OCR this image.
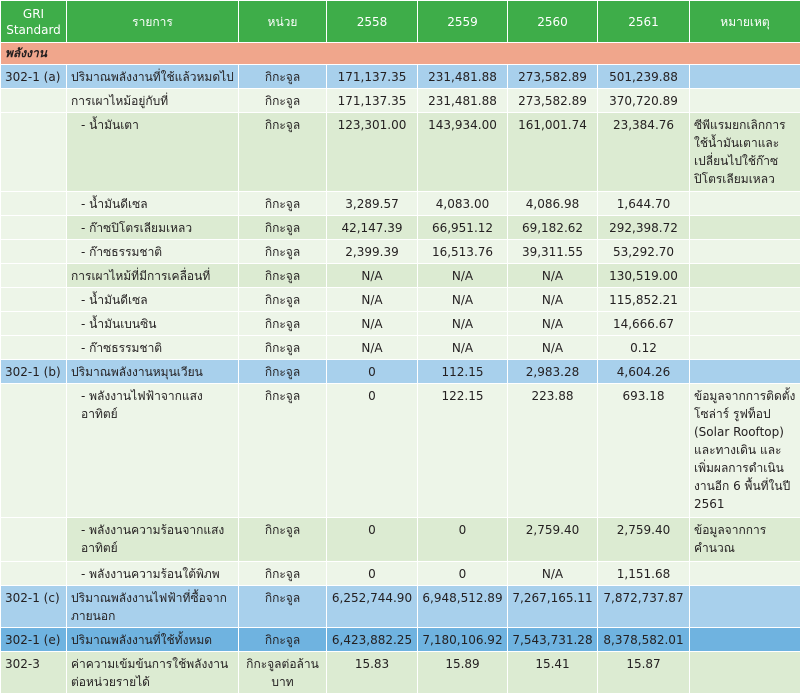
GRI Standard	รายการ	หน่วย	2558	2559	2560	2561	หมายเหตุ
พลังงาน							
302-1 (a)	ปริมาณพลังงานที่ใช้แล้วหมดไป	กิกะจูล	171,137.35	231,481.88	273,582.89	501,239.88	
	การเผาไหม้อยู่กับที่	กิกะจูล	171,137.35	231,481.88	273,582.89	370,720.89	
	- น้ำมันเตา	กิกะจูล	123,301.00	143,934.00	161,001.74	23,384.76	ซีพีแรมยกเลิกการใช้น้ำมันเตาและเปลี่ยนไปใช้ก๊าซปิโตรเลียมเหลว
	- น้ำมันดีเซล	กิกะจูล	3,289.57	4,083.00	4,086.98	1,644.70	
	- ก๊าซปิโตรเลียมเหลว	กิกะจูล	42,147.39	66,951.12	69,182.62	292,398.72	
	- ก๊าซธรรมชาติ	กิกะจูล	2,399.39	16,513.76	39,311.55	53,292.70	
	การเผาไหม้ที่มีการเคลื่อนที่	กิกะจูล	N/A	N/A	N/A	130,519.00	
	- น้ำมันดีเซล	กิกะจูล	N/A	N/A	N/A	115,852.21	
	- น้ำมันเบนซิน	กิกะจูล	N/A	N/A	N/A	14,666.67	
	- ก๊าซธรรมชาติ	กิกะจูล	N/A	N/A	N/A	0.12	
302-1 (b)	ปริมาณพลังงานหมุนเวียน	กิกะจูล	0	112.15	2,983.28	4,604.26	
	- พลังงานไฟฟ้าจากแสงอาทิตย์	กิกะจูล	0	122.15	223.88	693.18	ข้อมูลจากการติดตั้งโซล่าร์ รูฟท็อป (Solar Rooftop) และทางเดิน และเพิ่มผลการดำเนินงานอีก 6 พื้นที่ในปี 2561
	- พลังงานความร้อนจากแสงอาทิตย์	กิกะจูล	0	0	2,759.40	2,759.40	ข้อมูลจากการคำนวณ
	- พลังงานความร้อนใต้พิภพ	กิกะจูล	0	0	N/A	1,151.68	
302-1 (c)	ปริมาณพลังงานไฟฟ้าที่ซื้อจากภายนอก	กิกะจูล	6,252,744.90	6,948,512.89	7,267,165.11	7,872,737.87	
302-1 (e)	ปริมาณพลังงานที่ใช้ทั้งหมด	กิกะจูล	6,423,882.25	7,180,106.92	7,543,731.28	8,378,582.01	
302-3	ค่าความเข้มข้นการใช้พลังงานต่อหน่วยรายได้	กิกะจูลต่อล้านบาท	15.83	15.89	15.41	15.87	
